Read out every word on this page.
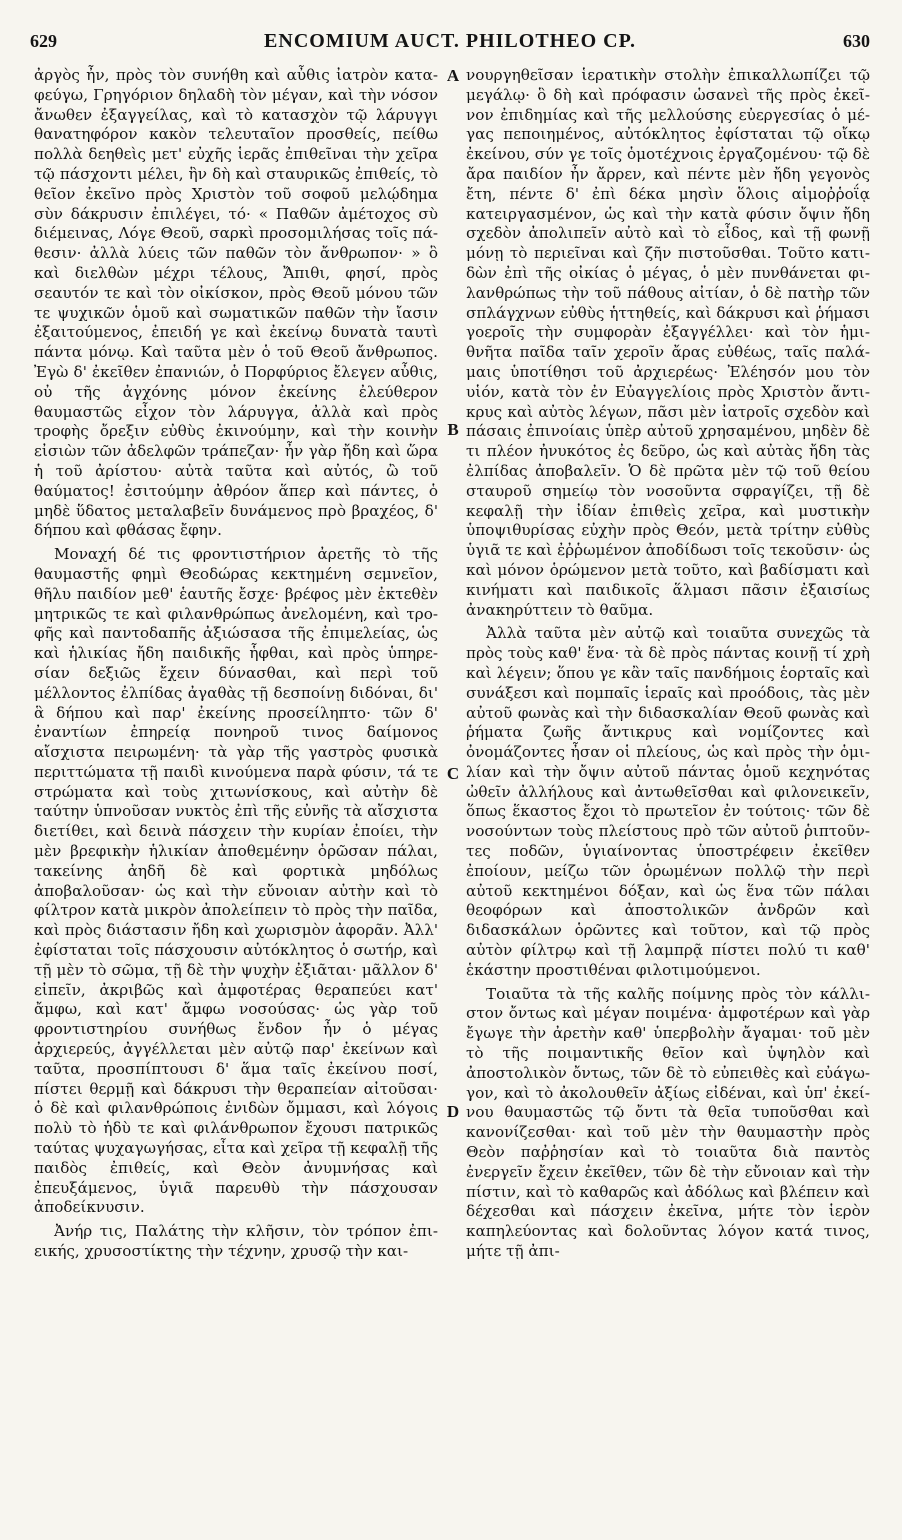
629	ENCOMIUM AUCT. PHILOTHEO CP.	630

ἀργὸς ἦν, πρὸς τὸν συνήθη καὶ αὖθις ἰατρὸν καταφεύγω, Γρηγόριον δηλαδὴ τὸν μέγαν, καὶ τὴν νόσον ἄνωθεν ἐξαγγείλας, καὶ τὸ κατασχὸν τῷ λάρυγγι θανατηφόρον κακὸν τελευταῖον προσθείς, πείθω πολλὰ δεηθεὶς μετ' εὐχῆς ἱερᾶς ἐπιθεῖναι τὴν χεῖρα τῷ πάσχοντι μέλει, ἣν δὴ καὶ σταυρικῶς ἐπιθείς, τὸ θεῖον ἐκεῖνο πρὸς Χριστὸν τοῦ σοφοῦ μελῴδημα σὺν δάκρυσιν ἐπιλέγει, τό· « Παθῶν ἀμέτοχος σὺ διέμεινας, Λόγε Θεοῦ, σαρκὶ προσομιλήσας τοῖς πάθεσιν· ἀλλὰ λύεις τῶν παθῶν τὸν ἄνθρωπον· » ὃ καὶ διελθὼν μέχρι τέλους, Ἄπιθι, φησί, πρὸς σεαυτόν τε καὶ τὸν οἰκίσκον, πρὸς Θεοῦ μόνου τῶν τε ψυχικῶν ὁμοῦ καὶ σωματικῶν παθῶν τὴν ἴασιν ἐξαιτούμενος, ἐπειδή γε καὶ ἐκείνῳ δυνατὰ ταυτὶ πάντα μόνῳ. Καὶ ταῦτα μὲν ὁ τοῦ Θεοῦ ἄνθρωπος. Ἐγὼ δ' ἐκεῖθεν ἐπανιών, ὁ Πορφύριος ἔλεγεν αὖθις, οὐ τῆς ἀγχόνης μόνον ἐκείνης ἐλεύθερον θαυμαστῶς εἶχον τὸν λάρυγγα, ἀλλὰ καὶ πρὸς τροφὴς ὄρεξιν εὐθὺς ἐκινούμην, καὶ τὴν κοινὴν εἰσιὼν τῶν ἀδελφῶν τράπεζαν· ἦν γὰρ ἤδη καὶ ὥρα ἡ τοῦ ἀρίστου· αὐτὰ ταῦτα καὶ αὐτός, ὢ τοῦ θαύματος! ἐσιτούμην ἀθρόον ἅπερ καὶ πάντες, ὁ μηδὲ ὕδατος μεταλαβεῖν δυνάμενος πρὸ βραχέος, δ' δήπου καὶ φθάσας ἔφην.

Μοναχή δέ τις φροντιστήριον ἀρετῆς τὸ τῆς θαυμαστῆς φημὶ Θεοδώρας κεκτημένη σεμνεῖον, θῆλυ παιδίον μεθ' ἑαυτῆς ἔσχε· βρέφος μὲν ἐκτεθὲν μητρικῶς τε καὶ φιλανθρώπως ἀνελομένη, καὶ τροφῆς καὶ παντοδαπῆς ἀξιώσασα τῆς ἐπιμελείας, ὡς καὶ ἡλικίας ἤδη παιδικῆς ἧφθαι, καὶ πρὸς ὑπηρεσίαν δεξιῶς ἔχειν δύνασθαι, καὶ περὶ τοῦ μέλλοντος ἐλπίδας ἀγαθὰς τῇ δεσποίνῃ διδόναι, δι' ἃ δήπου καὶ παρ' ἐκείνης προσείληπτο· τῶν δ' ἐναντίων ἐπηρείᾳ πονηροῦ τινος δαίμονος αἴσχιστα πειρωμένη· τὰ γὰρ τῆς γαστρὸς φυσικὰ περιττώματα τῇ παιδὶ κινούμενα παρὰ φύσιν, τά τε στρώματα καὶ τοὺς χιτωνίσκους, καὶ αὐτὴν δὲ ταύτην ὑπνοῦσαν νυκτὸς ἐπὶ τῆς εὐνῆς τὰ αἴσχιστα διετίθει, καὶ δεινὰ πάσχειν τὴν κυρίαν ἐποίει, τὴν μὲν βρεφικὴν ἡλικίαν ἀποθεμένην ὁρῶσαν πάλαι, τακείνης ἀηδῆ δὲ καὶ φορτικὰ μηδόλως ἀποβαλοῦσαν· ὡς καὶ τὴν εὔνοιαν αὐτὴν καὶ τὸ φίλτρον κατὰ μικρὸν ἀπολείπειν τὸ πρὸς τὴν παῖδα, καὶ πρὸς διάστασιν ἤδη καὶ χωρισμὸν ἀφορᾶν. Ἀλλ' ἐφίσταται τοῖς πάσχουσιν αὐτόκλητος ὁ σωτήρ, καὶ τῇ μὲν τὸ σῶμα, τῇ δὲ τὴν ψυχὴν ἐξιᾶται· μᾶλλον δ' εἰπεῖν, ἀκριβῶς καὶ ἀμφοτέρας θεραπεύει κατ' ἄμφω, καὶ κατ' ἄμφω νοσούσας· ὡς γὰρ τοῦ φροντιστηρίου συνήθως ἔνδον ἦν ὁ μέγας ἀρχιερεύς, ἀγγέλλεται μὲν αὐτῷ παρ' ἐκείνων καὶ ταῦτα, προσπίπτουσι δ' ἅμα ταῖς ἐκείνου ποσί, πίστει θερμῇ καὶ δάκρυσι τὴν θεραπείαν αἰτοῦσαι· ὁ δὲ καὶ φιλανθρώποις ἐνιδὼν ὄμμασι, καὶ λόγοις πολὺ τὸ ἡδὺ τε καὶ φιλάνθρωπον ἔχουσι πατρικῶς ταύτας ψυχαγωγήσας, εἶτα καὶ χεῖρα τῇ κεφαλῇ τῆς παιδὸς ἐπιθείς, καὶ Θεὸν ἀνυμνήσας καὶ ἐπευξάμενος, ὑγιᾶ παρευθὺ τὴν πάσχουσαν ἀποδείκνυσιν.

Ἀνήρ τις, Παλάτης τὴν κλῆσιν, τὸν τρόπον ἐπιεικής, χρυσοστίκτης τὴν τέχνην, χρυσῷ τὴν και-

A
B
C
D

νουργηθεῖσαν ἱερατικὴν στολὴν ἐπικαλλωπίζει τῷ μεγάλῳ· ὃ δὴ καὶ πρόφασιν ὡσανεὶ τῆς πρὸς ἐκεῖνον ἐπιδημίας καὶ τῆς μελλούσης εὐεργεσίας ὁ μέγας πεποιημένος, αὐτόκλητος ἐφίσταται τῷ οἴκῳ ἐκείνου, σύν γε τοῖς ὁμοτέχνοις ἐργαζομένου· τῷ δὲ ἄρα παιδίον ἦν ἄρρεν, καὶ πέντε μὲν ἤδη γεγονὸς ἔτη, πέντε δ' ἐπὶ δέκα μησὶν ὅλοις αἱμοῤῥοΐᾳ κατειργασμένον, ὡς καὶ τὴν κατὰ φύσιν ὄψιν ἤδη σχεδὸν ἀπολιπεῖν αὐτὸ καὶ τὸ εἶδος, καὶ τῇ φωνῇ μόνῃ τὸ περιεῖναι καὶ ζῆν πιστοῦσθαι. Τοῦτο κατιδὼν ἐπὶ τῆς οἰκίας ὁ μέγας, ὁ μὲν πυνθάνεται φιλανθρώπως τὴν τοῦ πάθους αἰτίαν, ὁ δὲ πατὴρ τῶν σπλάγχνων εὐθὺς ἡττηθείς, καὶ δάκρυσι καὶ ῥήμασι γοεροῖς τὴν συμφορὰν ἐξαγγέλλει· καὶ τὸν ἡμιθνῆτα παῖδα ταῖν χεροῖν ἄρας εὐθέως, ταῖς παλάμαις ὑποτίθησι τοῦ ἀρχιερέως· Ἐλέησόν μου τὸν υἱόν, κατὰ τὸν ἐν Εὐαγγελίοις πρὸς Χριστὸν ἄντικρυς καὶ αὐτὸς λέγων, πᾶσι μὲν ἰατροῖς σχεδὸν καὶ πάσαις ἐπινοίαις ὑπὲρ αὐτοῦ χρησαμένου, μηδὲν δὲ τι πλέον ἠνυκότος ἐς δεῦρο, ὡς καὶ αὐτὰς ἤδη τὰς ἐλπίδας ἀποβαλεῖν. Ὁ δὲ πρῶτα μὲν τῷ τοῦ θείου σταυροῦ σημείῳ τὸν νοσοῦντα σφραγίζει, τῇ δὲ κεφαλῇ τὴν ἰδίαν ἐπιθεὶς χεῖρα, καὶ μυστικὴν ὑποψιθυρίσας εὐχὴν πρὸς Θεόν, μετὰ τρίτην εὐθὺς ὑγιᾶ τε καὶ ἐῤῥωμένον ἀποδίδωσι τοῖς τεκοῦσιν· ὡς καὶ μόνον ὁρώμενον μετὰ τοῦτο, καὶ βαδίσματι καὶ κινήματι καὶ παιδικοῖς ἅλμασι πᾶσιν ἐξαισίως ἀνακηρύττειν τὸ θαῦμα.

Ἀλλὰ ταῦτα μὲν αὐτῷ καὶ τοιαῦτα συνεχῶς τὰ πρὸς τοὺς καθ' ἕνα· τὰ δὲ πρὸς πάντας κοινῇ τί χρὴ καὶ λέγειν; ὅπου γε κἂν ταῖς πανδήμοις ἑορταῖς καὶ συνάξεσι καὶ πομπαῖς ἱεραῖς καὶ προόδοις, τὰς μὲν αὐτοῦ φωνὰς καὶ τὴν διδασκαλίαν Θεοῦ φωνὰς καὶ ῥήματα ζωῆς ἄντικρυς καὶ νομίζοντες καὶ ὀνομάζοντες ἦσαν οἱ πλείους, ὡς καὶ πρὸς τὴν ὁμιλίαν καὶ τὴν ὄψιν αὐτοῦ πάντας ὁμοῦ κεχηνότας ὠθεῖν ἀλλήλους καὶ ἀντωθεῖσθαι καὶ φιλονεικεῖν, ὅπως ἕκαστος ἔχοι τὸ πρωτεῖον ἐν τούτοις· τῶν δὲ νοσούντων τοὺς πλείστους πρὸ τῶν αὐτοῦ ῥιπτοῦντες ποδῶν, ὑγιαίνοντας ὑποστρέφειν ἐκεῖθεν ἐποίουν, μείζω τῶν ὁρωμένων πολλῷ τὴν περὶ αὐτοῦ κεκτημένοι δόξαν, καὶ ὡς ἕνα τῶν πάλαι θεοφόρων καὶ ἀποστολικῶν ἀνδρῶν καὶ διδασκάλων ὁρῶντες καὶ τοῦτον, καὶ τῷ πρὸς αὐτὸν φίλτρῳ καὶ τῇ λαμπρᾷ πίστει πολύ τι καθ' ἑκάστην προστιθέναι φιλοτιμούμενοι.

Τοιαῦτα τὰ τῆς καλῆς ποίμνης πρὸς τὸν κάλλιστον ὄντως καὶ μέγαν ποιμένα· ἀμφοτέρων καὶ γὰρ ἔγωγε τὴν ἀρετὴν καθ' ὑπερβολὴν ἄγαμαι· τοῦ μὲν τὸ τῆς ποιμαντικῆς θεῖον καὶ ὑψηλὸν καὶ ἀποστολικὸν ὄντως, τῶν δὲ τὸ εὐπειθὲς καὶ εὐάγωγον, καὶ τὸ ἀκολουθεῖν ἀξίως εἰδέναι, καὶ ὑπ' ἐκείνου θαυμαστῶς τῷ ὄντι τὰ θεῖα τυποῦσθαι καὶ κανονίζεσθαι· καὶ τοῦ μὲν τὴν θαυμαστὴν πρὸς Θεὸν παῤῥησίαν καὶ τὸ τοιαῦτα διὰ παντὸς ἐνεργεῖν ἔχειν ἐκεῖθεν, τῶν δὲ τὴν εὔνοιαν καὶ τὴν πίστιν, καὶ τὸ καθαρῶς καὶ ἀδόλως καὶ βλέπειν καὶ δέχεσθαι καὶ πάσχειν ἐκεῖνα, μήτε τὸν ἱερὸν καπηλεύοντας καὶ δολοῦντας λόγον κατά τινος, μήτε τῇ ἀπι-
